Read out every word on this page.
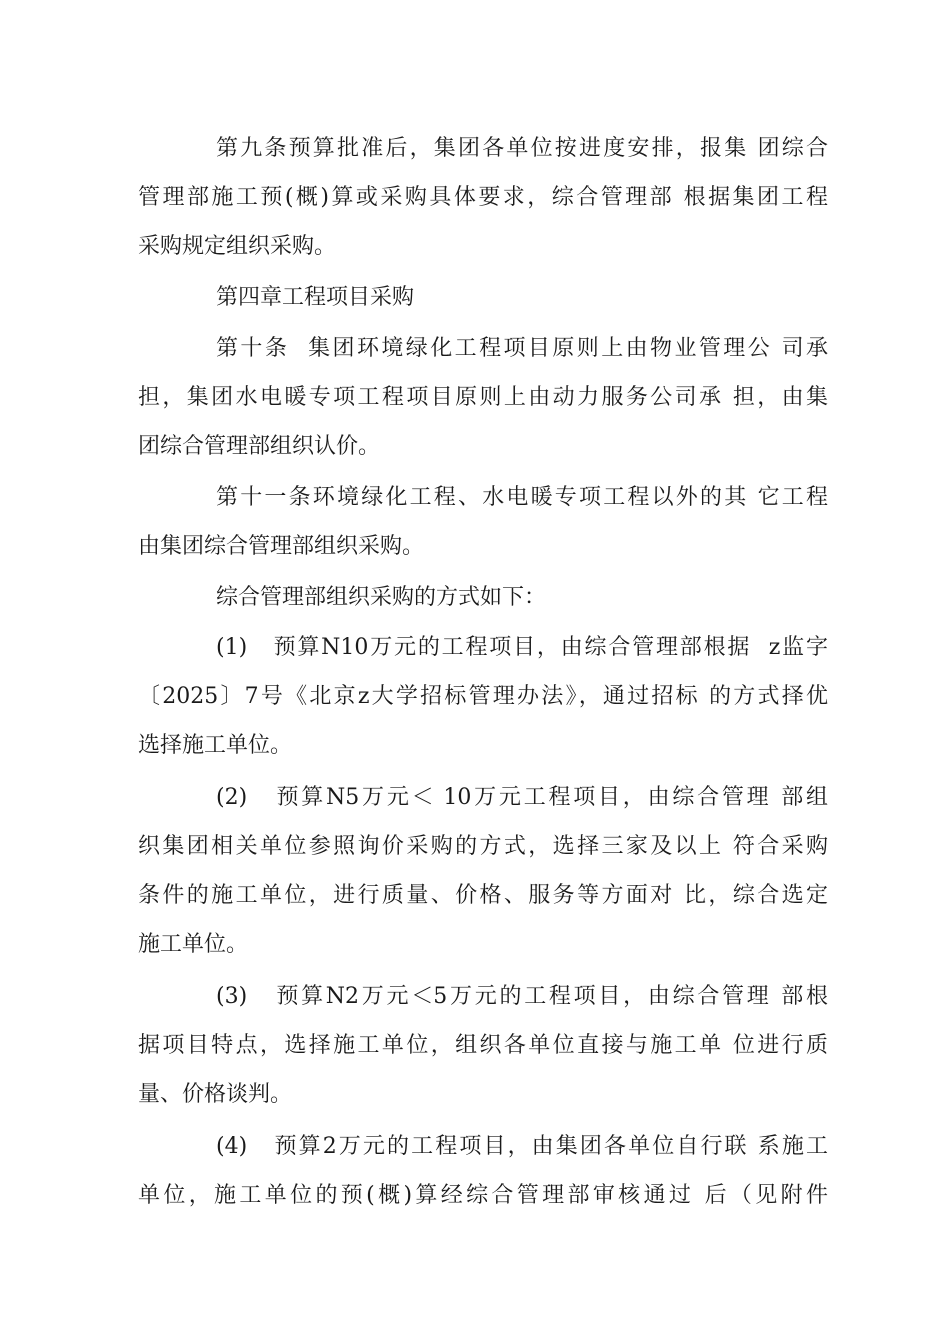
第九条预算批准后，集团各单位按进度安排，报集 团综合
管理部施工预(概)算或采购具体要求，综合管理部 根据集团工程
采购规定组织采购。
第四章工程项目采购
第十条  集团环境绿化工程项目原则上由物业管理公 司承
担，集团水电暖专项工程项目原则上由动力服务公司承 担，由集
团综合管理部组织认价。
第十一条环境绿化工程、水电暖专项工程以外的其 它工程
由集团综合管理部组织采购。
综合管理部组织采购的方式如下：
(1)   预算N10万元的工程项目，由综合管理部根据  z监字
〔2025〕7号《北京z大学招标管理办法》，通过招标 的方式择优
选择施工单位。
(2)   预算N5万元＜ 10万元工程项目，由综合管理 部组
织集团相关单位参照询价采购的方式，选择三家及以上 符合采购
条件的施工单位，进行质量、价格、服务等方面对 比，综合选定
施工单位。
(3)   预算N2万元＜5万元的工程项目，由综合管理 部根
据项目特点，选择施工单位，组织各单位直接与施工单 位进行质
量、价格谈判。
(4)   预算2万元的工程项目，由集团各单位自行联 系施工
单位，施工单位的预(概)算经综合管理部审核通过 后（见附件
